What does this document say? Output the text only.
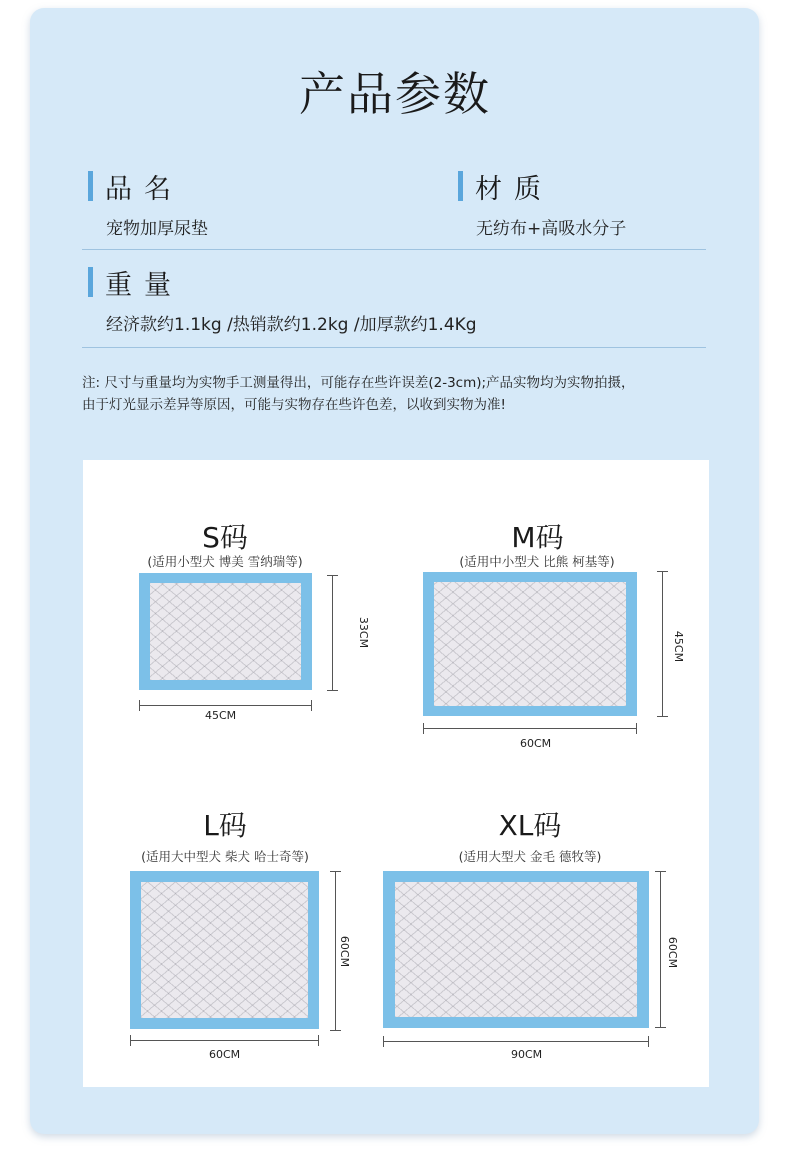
产品参数
品名
宠物加厚尿垫
材质
无纺布+高吸水分子
重量
经济款约1.1kg /热销款约1.2kg /加厚款约1.4Kg
注: 尺寸与重量均为实物手工测量得出，可能存在些许误差(2-3cm);产品实物均为实物拍摄，
由于灯光显示差异等原因，可能与实物存在些许色差，以收到实物为准!
S码
(适用小型犬 博美 雪纳瑞等)
45CM
33CM
M码
(适用中小型犬 比熊 柯基等)
60CM
45CM
L码
(适用大中型犬 柴犬 哈士奇等)
60CM
60CM
XL码
(适用大型犬 金毛 德牧等)
90CM
60CM
